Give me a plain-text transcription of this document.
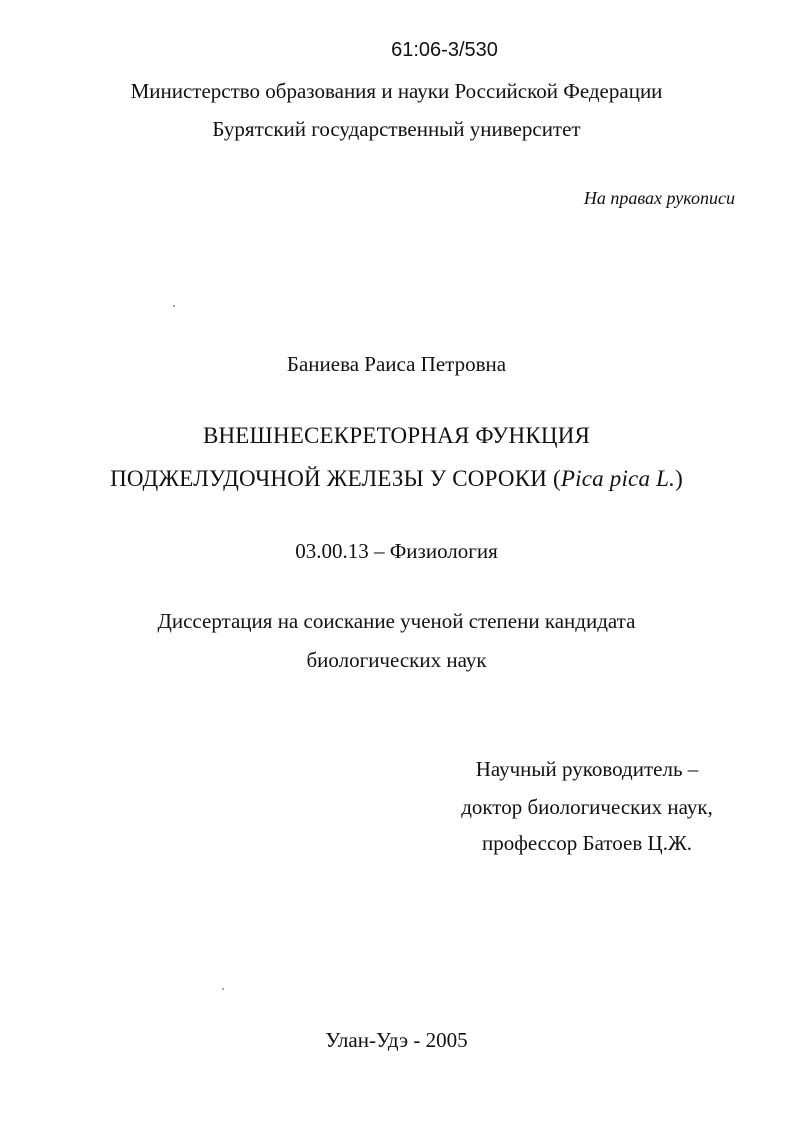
61:06-3/530
Министерство образования и науки Российской Федерации
Бурятский государственный университет
На правах рукописи
Баниева Раиса Петровна
ВНЕШНЕСЕКРЕТОРНАЯ ФУНКЦИЯ
ПОДЖЕЛУДОЧНОЙ ЖЕЛЕЗЫ У СОРОКИ (Pica pica L.)
03.00.13 – Физиология
Диссертация на соискание ученой степени кандидата
биологических наук
Научный руководитель –
доктор биологических наук,
профессор Батоев Ц.Ж.
Улан-Удэ - 2005
